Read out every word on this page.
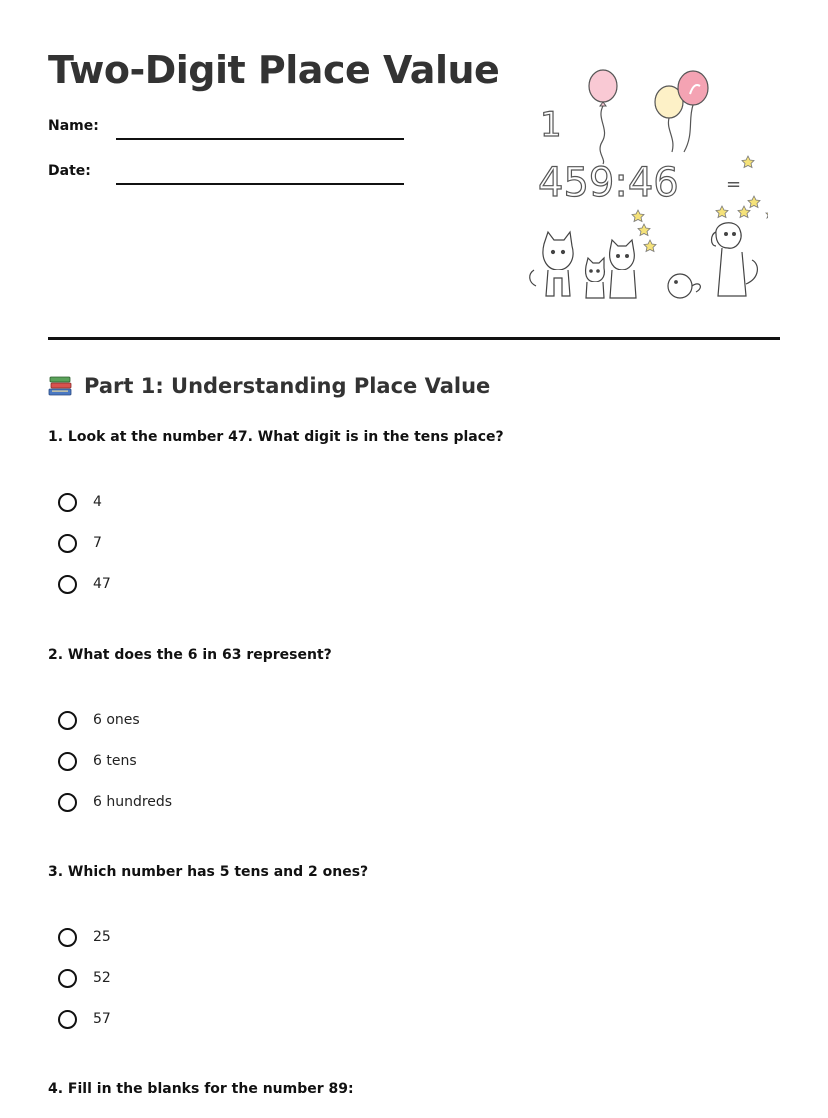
Two-Digit Place Value
Name:
Date:
1
459:46	=
Part 1: Understanding Place Value

1. Look at the number 47. What digit is in the tens place?

4
7
47

2. What does the 6 in 63 represent?

6 ones
6 tens
6 hundreds

3. Which number has 5 tens and 2 ones?

25
52
57

4. Fill in the blanks for the number 89:
